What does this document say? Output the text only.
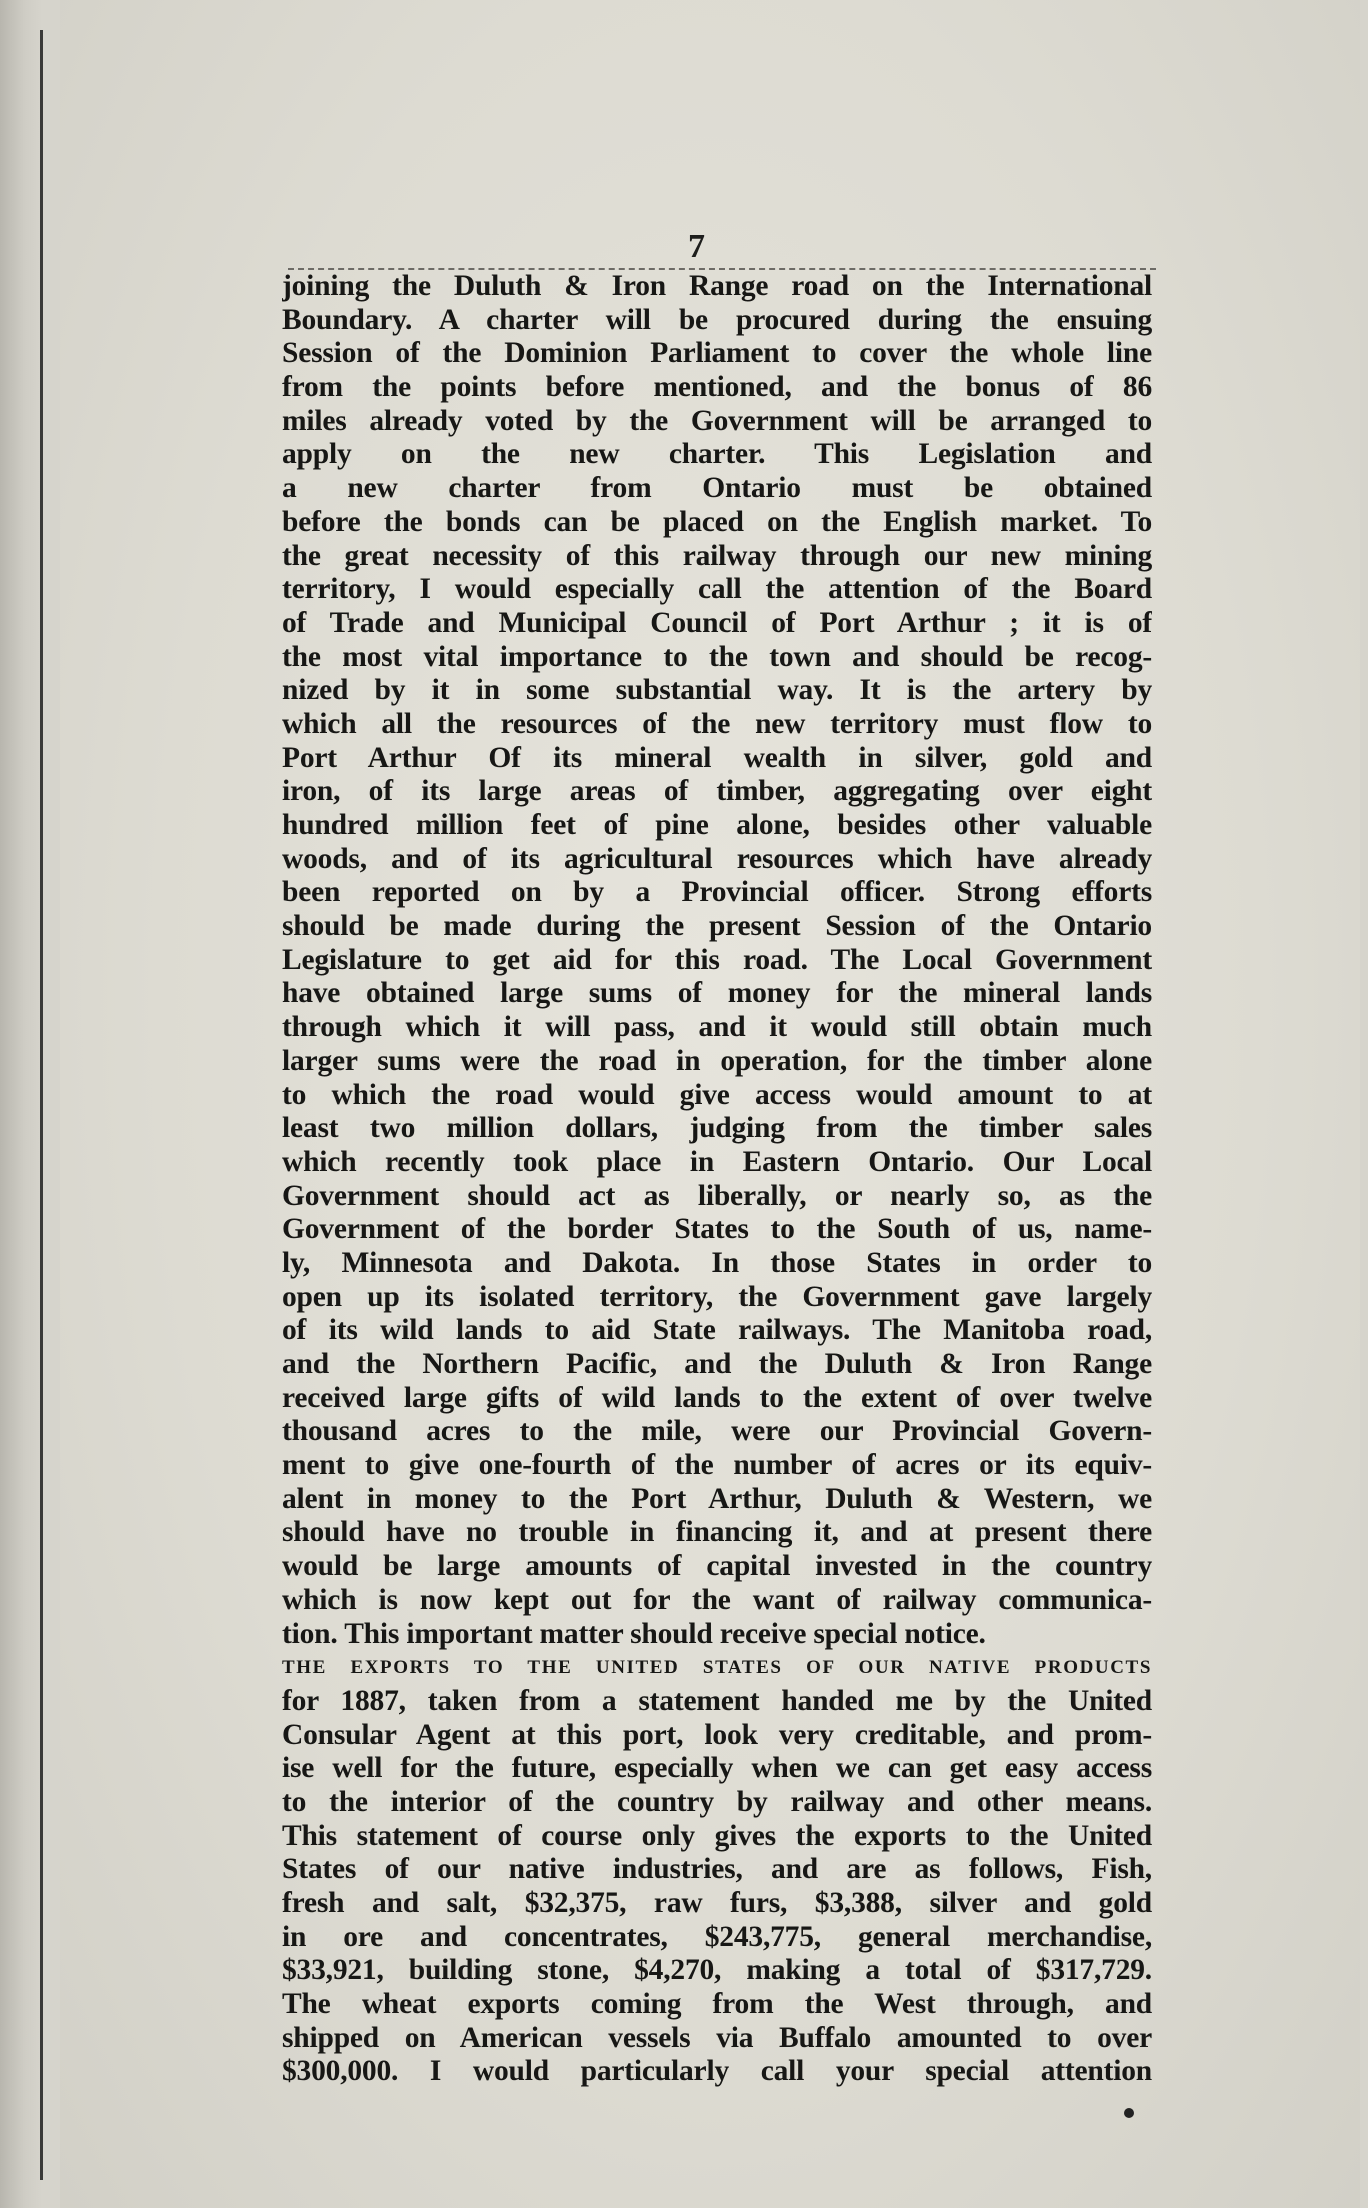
7
joining the Duluth & Iron Range road on the International
Boundary. A charter will be procured during the ensuing
Session of the Dominion Parliament to cover the whole line
from the points before mentioned, and the bonus of 86
miles already voted by the Government will be arranged to
apply on the new charter. This Legislation and
a new charter from Ontario must be obtained
before the bonds can be placed on the English market. To
the great necessity of this railway through our new mining
territory, I would especially call the attention of the Board
of Trade and Municipal Council of Port Arthur ; it is of
the most vital importance to the town and should be recog-
nized by it in some substantial way. It is the artery by
which all the resources of the new territory must flow to
Port Arthur Of its mineral wealth in silver, gold and
iron, of its large areas of timber, aggregating over eight
hundred million feet of pine alone, besides other valuable
woods, and of its agricultural resources which have already
been reported on by a Provincial officer. Strong efforts
should be made during the present Session of the Ontario
Legislature to get aid for this road. The Local Government
have obtained large sums of money for the mineral lands
through which it will pass, and it would still obtain much
larger sums were the road in operation, for the timber alone
to which the road would give access would amount to at
least two million dollars, judging from the timber sales
which recently took place in Eastern Ontario. Our Local
Government should act as liberally, or nearly so, as the
Government of the border States to the South of us, name-
ly, Minnesota and Dakota. In those States in order to
open up its isolated territory, the Government gave largely
of its wild lands to aid State railways. The Manitoba road,
and the Northern Pacific, and the Duluth & Iron Range
received large gifts of wild lands to the extent of over twelve
thousand acres to the mile, were our Provincial Govern-
ment to give one-fourth of the number of acres or its equiv-
alent in money to the Port Arthur, Duluth & Western, we
should have no trouble in financing it, and at present there
would be large amounts of capital invested in the country
which is now kept out for the want of railway communica-
tion. This important matter should receive special notice.
THE EXPORTS TO THE UNITED STATES OF OUR NATIVE PRODUCTS
for 1887, taken from a statement handed me by the United
Consular Agent at this port, look very creditable, and prom-
ise well for the future, especially when we can get easy access
to the interior of the country by railway and other means.
This statement of course only gives the exports to the United
States of our native industries, and are as follows, Fish,
fresh and salt, $32,375, raw furs, $3,388, silver and gold
in ore and concentrates, $243,775, general merchandise,
$33,921, building stone, $4,270, making a total of $317,729.
The wheat exports coming from the West through, and
shipped on American vessels via Buffalo amounted to over
$300,000. I would particularly call your special attention
